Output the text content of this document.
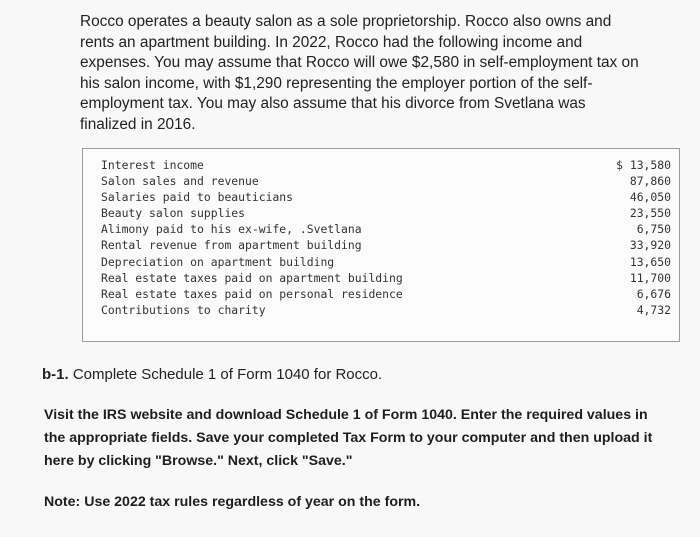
Rocco operates a beauty salon as a sole proprietorship. Rocco also owns and rents an apartment building. In 2022, Rocco had the following income and expenses. You may assume that Rocco will owe $2,580 in self-employment tax on his salon income, with $1,290 representing the employer portion of the self-employment tax. You may also assume that his divorce from Svetlana was finalized in 2016.
Interest income	$ 13,580
Salon sales and revenue	87,860
Salaries paid to beauticians	46,050
Beauty salon supplies	23,550
Alimony paid to his ex-wife, .Svetlana	6,750
Rental revenue from apartment building	33,920
Depreciation on apartment building	13,650
Real estate taxes paid on apartment building	11,700
Real estate taxes paid on personal residence	6,676
Contributions to charity	4,732
b-1. Complete Schedule 1 of Form 1040 for Rocco.
Visit the IRS website and download Schedule 1 of Form 1040. Enter the required values in the appropriate fields. Save your completed Tax Form to your computer and then upload it here by clicking "Browse." Next, click "Save."
Note: Use 2022 tax rules regardless of year on the form.
